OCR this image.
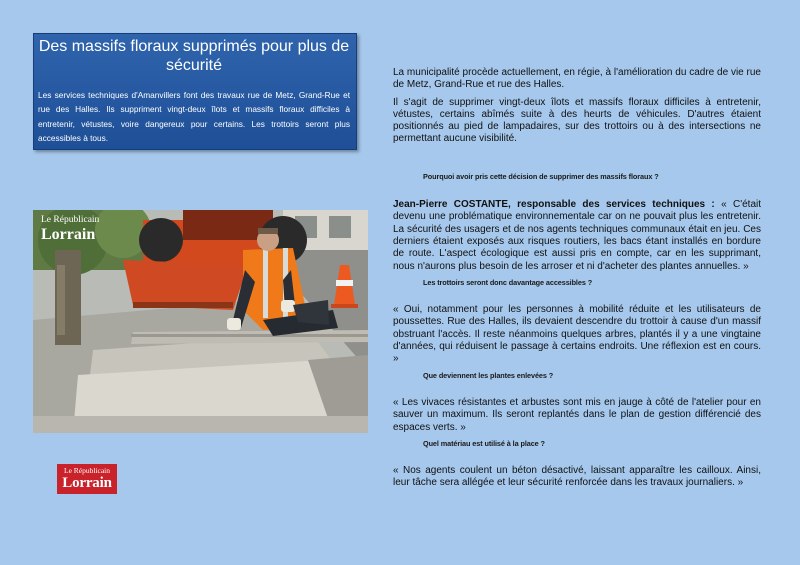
Des massifs floraux supprimés pour plus de sécurité

Les services techniques d'Amanvillers font des travaux rue de Metz, Grand-Rue et rue des Halles. Ils suppriment vingt-deux îlots et massifs floraux difficiles à entretenir, vétustes, voire dangereux pour certains. Les trottoirs seront plus accessibles à tous.

Le Républicain
Lorrain
Le Républicain
Lorrain

La municipalité procède actuellement, en régie, à l'amélioration du cadre de vie rue de Metz, Grand-Rue et rue des Halles.

Il s'agit de supprimer vingt-deux îlots et massifs floraux difficiles à entretenir, vétustes, certains abîmés suite à des heurts de véhicules. D'autres étaient positionnés au pied de lampadaires, sur des trottoirs ou à des intersections ne permettant aucune visibilité.

Pourquoi avoir pris cette décision de supprimer des massifs floraux ?

Jean-Pierre COSTANTE, responsable des services techniques : « C'était devenu une problématique environnementale car on ne pouvait plus les entretenir. La sécurité des usagers et de nos agents techniques communaux était en jeu. Ces derniers étaient exposés aux risques routiers, les bacs étant installés en bordure de route. L'aspect écologique est aussi pris en compte, car en les supprimant, nous n'aurons plus besoin de les arroser et ni d'acheter des plantes annuelles. »

Les trottoirs seront donc davantage accessibles ?

« Oui, notamment pour les personnes à mobilité réduite et les utilisateurs de poussettes. Rue des Halles, ils devaient descendre du trottoir à cause d'un massif obstruant l'accès. Il reste néanmoins quelques arbres, plantés il y a une vingtaine d'années, qui réduisent le passage à certains endroits. Une réflexion est en cours. »

Que deviennent les plantes enlevées ?

« Les vivaces résistantes et arbustes sont mis en jauge à côté de l'atelier pour en sauver un maximum. Ils seront replantés dans le plan de gestion différencié des espaces verts. »

Quel matériau est utilisé à la place ?

« Nos agents coulent un béton désactivé, laissant apparaître les cailloux. Ainsi, leur tâche sera allégée et leur sécurité renforcée dans les travaux journaliers. »
